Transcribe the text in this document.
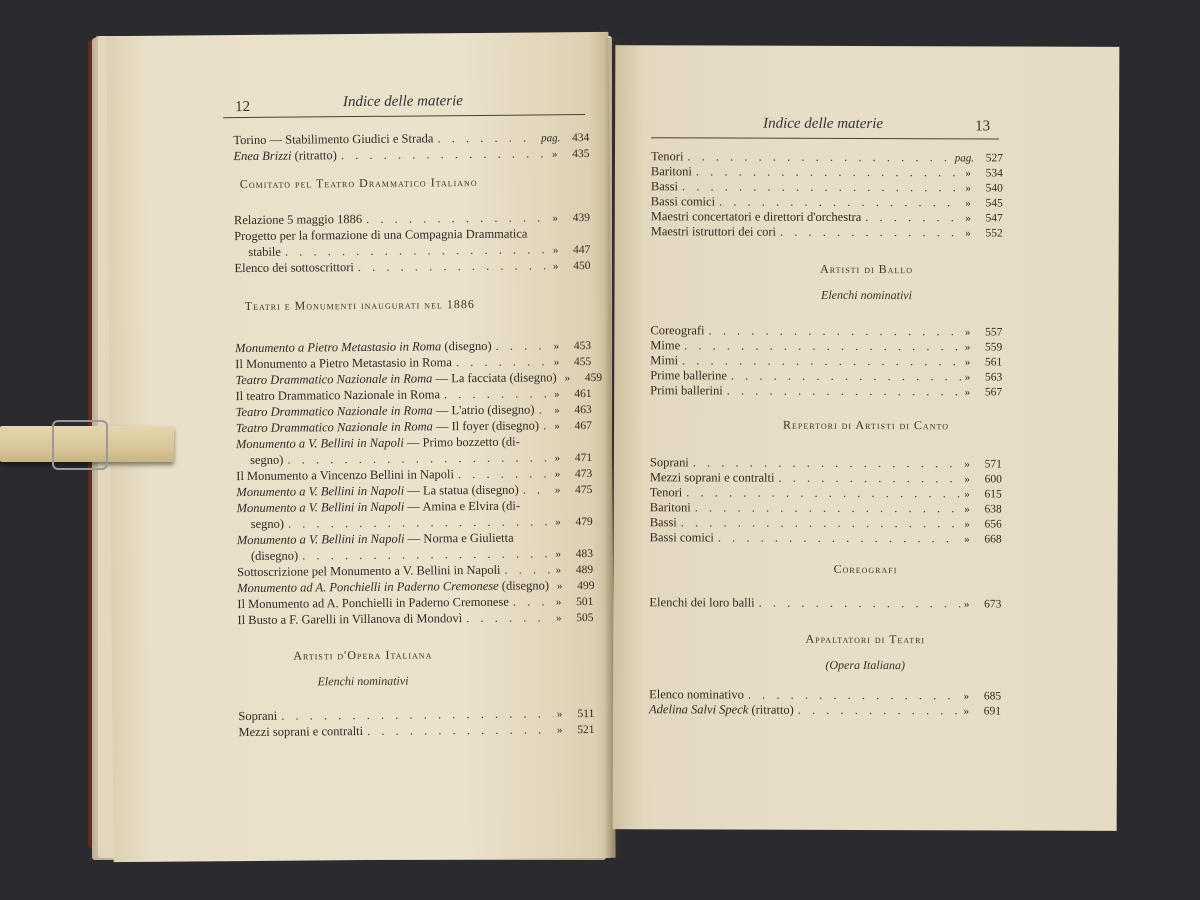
12	Indice delle materie
Torino — Stabilimento Giudici e Strada . . .	pag.	434
Enea Brizzi (ritratto) . . .	»	435
Comitato pel Teatro Drammatico Italiano
Relazione 5 maggio 1886 . . .	»	439
Progetto per la formazione di una Compagnia Drammatica
stabile . . .	»	447
Elenco dei sottoscrittori . . .	»	450
Teatri e Monumenti inaugurati nel 1886
Monumento a Pietro Metastasio in Roma (disegno) . . .	»	453
Il Monumento a Pietro Metastasio in Roma . . .	»	455
Teatro Drammatico Nazionale in Roma — La facciata (disegno) . . . »	459
Il teatro Drammatico Nazionale in Roma . . .	»	461
Teatro Drammatico Nazionale in Roma — L'atrio (disegno) . . . »	463
Teatro Drammatico Nazionale in Roma — Il foyer (disegno) . . . »	467
Monumento a V. Bellini in Napoli — Primo bozzetto (di-
segno) . . .	»	471
Il Monumento a Vincenzo Bellini in Napoli . . .	»	473
Monumento a V. Bellini in Napoli — La statua (disegno) . . .	»	475
Monumento a V. Bellini in Napoli — Amina e Elvira (di-
segno) . . .	»	479
Monumento a V. Bellini in Napoli — Norma e Giulietta
(disegno) . . .	»	483
Sottoscrizione pel Monumento a V. Bellini in Napoli . . .	»	489
Monumento ad A. Ponchielli in Paderno Cremonese (disegno) . . . »	499
Il Monumento ad A. Ponchielli in Paderno Cremonese . . .	»	501
Il Busto a F. Garelli in Villanova di Mondovì . . .	»	505
Artisti d'Opera Italiana
Elenchi nominativi
Soprani . . .	»	511
Mezzi soprani e contralti . . .	»	521
Indice delle materie	13
Tenori . . .	pag.	527
Baritoni . . .	»	534
Bassi . . .	»	540
Bassi comici . . .	»	545
Maestri concertatori e direttori d'orchestra . . .	»	547
Maestri istruttori dei cori . . .	»	552
Artisti di Ballo
Elenchi nominativi
Coreografi . . .	»	557
Mime . . .	»	559
Mimi . . .	»	561
Prime ballerine . . .	»	563
Primi ballerini . . .	»	567
Repertori di Artisti di Canto
Soprani . . .	»	571
Mezzi soprani e contralti . . .	»	600
Tenori . . .	»	615
Baritoni . . .	»	638
Bassi . . .	»	656
Bassi comici . . .	»	668
Coreografi
Elenchi dei loro balli . . .	»	673
Appaltatori di Teatri
(Opera Italiana)
Elenco nominativo . . .	»	685
Adelina Salvi Speck (ritratto) . . .	»	691
